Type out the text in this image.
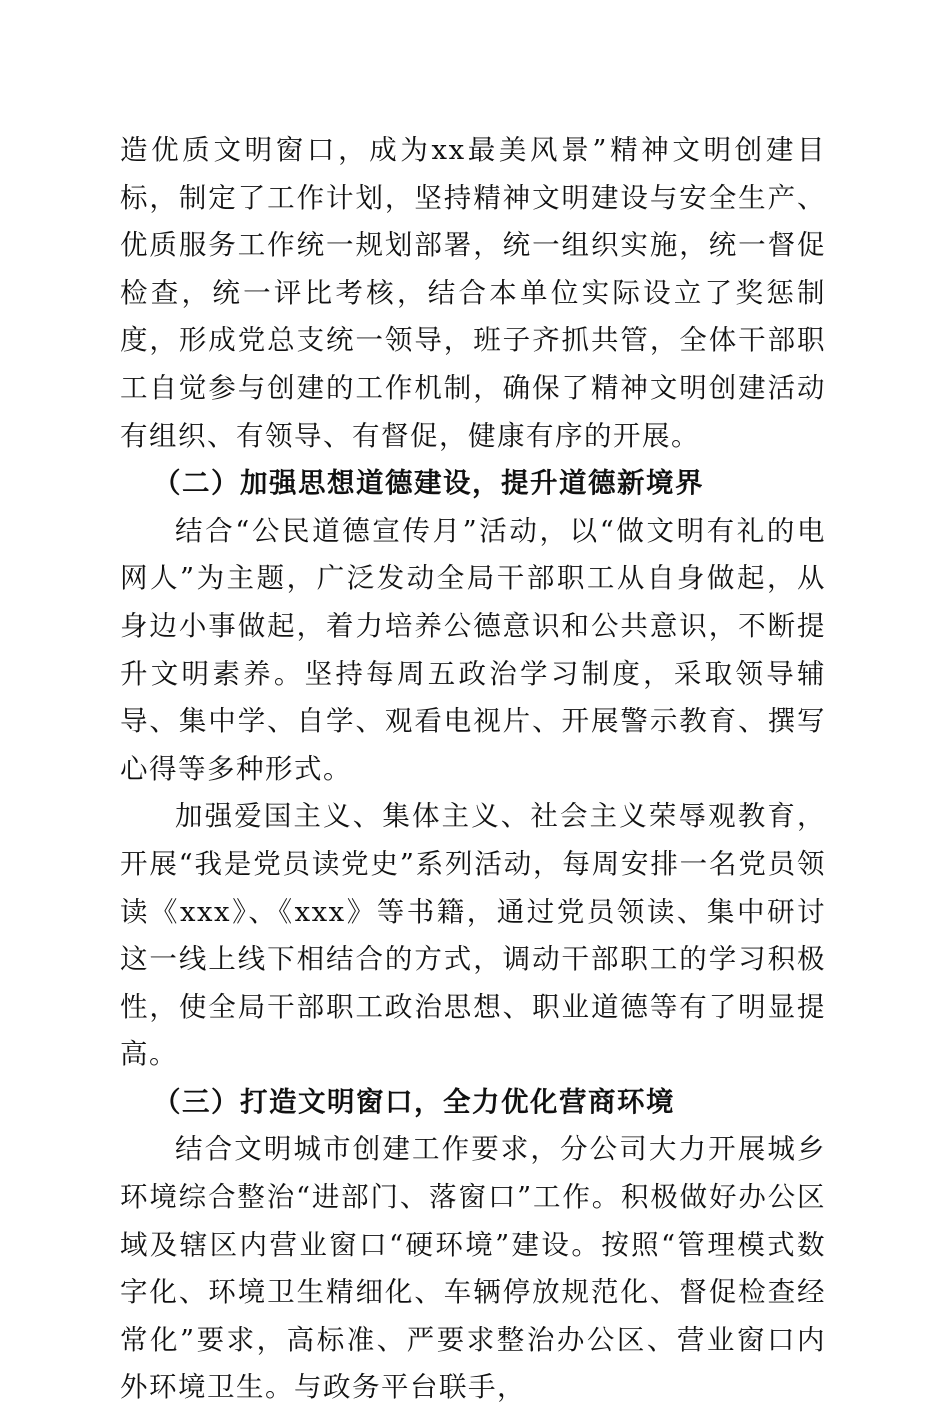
造优质文明窗口，成为xx最美风景”精神文明创建目标，制定了工作计划，坚持精神文明建设与安全生产、优质服务工作统一规划部署，统一组织实施，统一督促检查，统一评比考核，结合本单位实际设立了奖惩制度，形成党总支统一领导，班子齐抓共管，全体干部职工自觉参与创建的工作机制，确保了精神文明创建活动有组织、有领导、有督促，健康有序的开展。

（二）加强思想道德建设，提升道德新境界

结合“公民道德宣传月”活动，以“做文明有礼的电网人”为主题，广泛发动全局干部职工从自身做起，从身边小事做起，着力培养公德意识和公共意识，不断提升文明素养。坚持每周五政治学习制度，采取领导辅导、集中学、自学、观看电视片、开展警示教育、撰写心得等多种形式。

加强爱国主义、集体主义、社会主义荣辱观教育，开展“我是党员读党史”系列活动，每周安排一名党员领读《xxx》、《xxx》等书籍，通过党员领读、集中研讨这一线上线下相结合的方式，调动干部职工的学习积极性，使全局干部职工政治思想、职业道德等有了明显提高。

（三）打造文明窗口，全力优化营商环境

结合文明城市创建工作要求，分公司大力开展城乡环境综合整治“进部门、落窗口”工作。积极做好办公区域及辖区内营业窗口“硬环境”建设。按照“管理模式数字化、环境卫生精细化、车辆停放规范化、督促检查经常化”要求，高标准、严要求整治办公区、营业窗口内外环境卫生。与政务平台联手，
